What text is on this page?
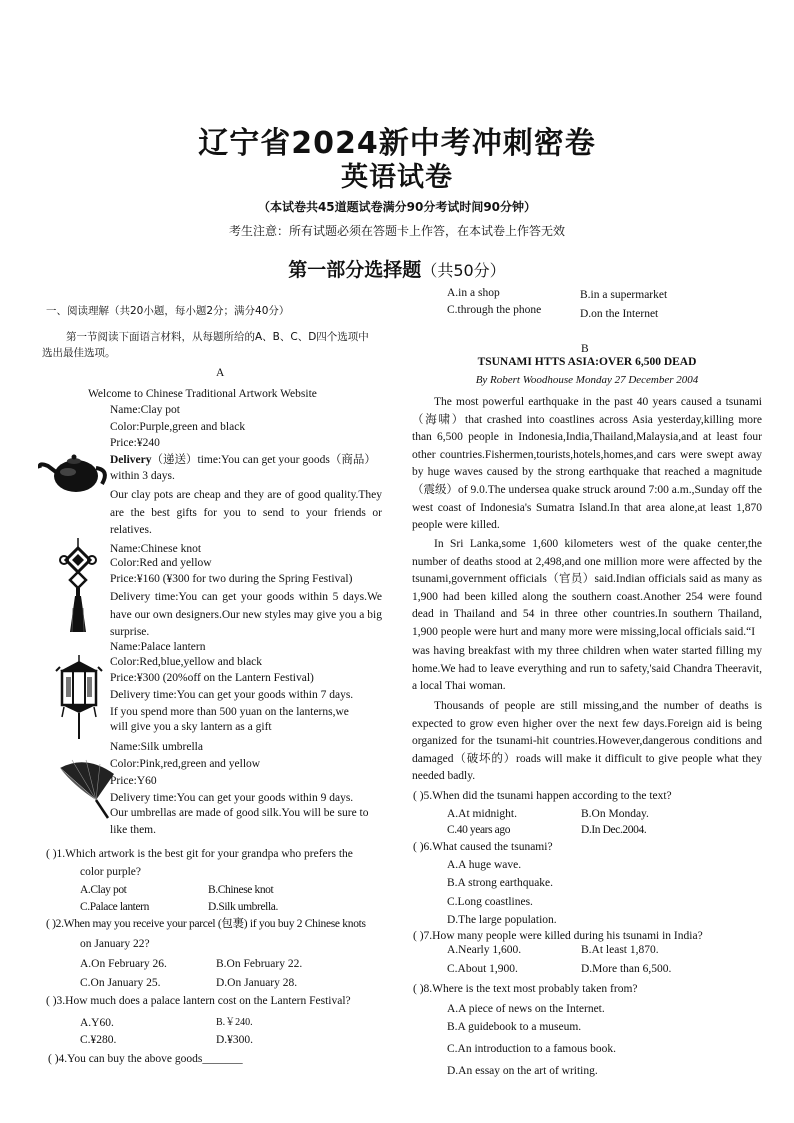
辽宁省2024新中考冲刺密卷
英语试卷
（本试卷共45道题试卷满分90分考试时间90分钟）
考生注意：所有试题必须在答题卡上作答，在本试卷上作答无效
第一部分选择题（共50分）
一、阅读理解（共20小题，每小题2分；满分40分）
第一节阅读下面语言材料，从每题所给的A、B、C、D四个选项中
选出最佳选项。
A
Welcome to Chinese Traditional Artwork Website
Name:Clay pot
Color:Purple,green and black
Price:¥240
Delivery（递送）time:You can get your goods（商品）
within 3 days.
Our clay pots are cheap and they are of good quality.They are the best gifts for you to send to your friends or relatives.
Name:Chinese knot
Color:Red and yellow
Price:¥160 (¥300 for two during the Spring Festival)
Delivery time:You can get your goods within 5 days.We have our own designers.Our new styles may give you a big surprise.
Name:Palace lantern
Color:Red,blue,yellow and black
Price:¥300 (20%off on the Lantern Festival)
Delivery time:You can get your goods within 7 days.
If you spend more than 500 yuan on the lanterns,we will give you a sky lantern as a gift
Name:Silk umbrella
Color:Pink,red,green and yellow
Price:Y60
Delivery time:You can get your goods within 9 days.
Our umbrellas are made of good silk.You will be sure to like them.
( )1.Which artwork is the best git for your grandpa who prefers the
color purple?
A.Clay pot	B.Chinese knot
C.Palace lantern	D.Silk umbrella.
( )2.When may you receive your parcel (包裹) if you buy 2 Chinese knots
on January 22?
A.On February 26.	B.On February 22.
C.On January 25.	D.On January 28.
( )3.How much does a palace lantern cost on the Lantern Festival?
A.Y60.	B.￥240.
C.¥280.	D.¥300.
( )4.You can buy the above goods_______
A.in a shop	B.in a supermarket
C.through the phone	D.on the Internet
B
TSUNAMI HTTS ASIA:OVER 6,500 DEAD
By Robert Woodhouse Monday 27 December 2004
The most powerful earthquake in the past 40 years caused a tsunami（海啸）that crashed into coastlines across Asia yesterday,killing more than 6,500 people in Indonesia,India,Thailand,Malaysia,and at least four other countries.Fishermen,tourists,hotels,homes,and cars were swept away by huge waves caused by the strong earthquake that reached a magnitude（震级）of 9.0.The undersea quake struck around 7:00 a.m.,Sunday off the west coast of Indonesia's Sumatra Island.In that area alone,at least 1,870 people were killed.
In Sri Lanka,some 1,600 kilometers west of the quake center,the number of deaths stood at 2,498,and one million more were affected by the tsunami,government officials（官员）said.Indian officials said as many as 1,900 had been killed along the southern coast.Another 254 were found dead in Thailand and 54 in three other countries.In southern Thailand, 1,900 people were hurt and many more were missing,local officials said.“I
was having breakfast with my three children when water started filling my home.We had to leave everything and run to safety,'said Chandra Theeravit, a local Thai woman.
Thousands of people are still missing,and the number of deaths is expected to grow even higher over the next few days.Foreign aid is being organized for the tsunami-hit countries.However,dangerous conditions and damaged（破坏的）roads will make it difficult to give people what they needed badly.
( )5.When did the tsunami happen according to the text?
A.At midnight.	B.On Monday.
C.40 years ago	D.In Dec.2004.
( )6.What caused the tsunami?
A.A huge wave.
B.A strong earthquake.
C.Long coastlines.
D.The large population.
( )7.How many people were killed during his tsunami in India?
A.Nearly 1,600.	B.At least 1,870.
C.About 1,900.	D.More than 6,500.
( )8.Where is the text most probably taken from?
A.A piece of news on the Internet.
B.A guidebook to a museum.
C.An introduction to a famous book.
D.An essay on the art of writing.
